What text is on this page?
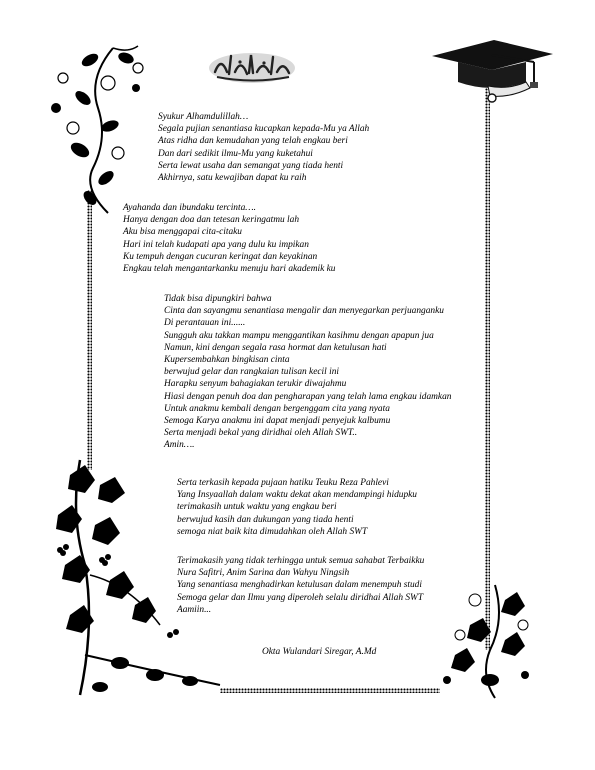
Syukur Alhamdulillah…
Segala pujian senantiasa kucapkan kepada-Mu ya Allah
Atas ridha dan kemudahan yang telah engkau beri
Dan dari sedikit ilmu-Mu yang kuketahui
Serta lewat usaha dan semangat yang tiada henti
Akhirnya, satu kewajiban dapat ku raih
Ayahanda dan ibundaku tercinta….
Hanya dengan doa dan tetesan keringatmu lah
Aku bisa menggapai cita-citaku
Hari ini telah kudapati apa yang dulu ku impikan
Ku tempuh dengan cucuran keringat dan keyakinan
Engkau telah mengantarkanku menuju hari akademik ku
Tidak bisa dipungkiri bahwa
Cinta dan sayangmu senantiasa mengalir dan menyegarkan perjuanganku
Di perantauan ini......
Sungguh aku takkan mampu menggantikan kasihmu dengan apapun jua
Namun, kini dengan segala rasa hormat dan ketulusan hati
Kupersembahkan bingkisan cinta
berwujud gelar dan rangkaian tulisan kecil ini
Harapku senyum bahagiakan terukir diwajahmu
Hiasi dengan penuh doa dan pengharapan yang telah lama engkau idamkan
Untuk anakmu kembali dengan bergenggam cita yang nyata
Semoga Karya anakmu ini dapat menjadi penyejuk kalbumu
Serta menjadi bekal yang diridhai oleh Allah SWT..
Amin….
Serta terkasih kepada pujaan hatiku Teuku Reza Pahlevi
Yang Insyaallah dalam waktu dekat akan mendampingi hidupku
terimakasih untuk waktu yang engkau beri
berwujud kasih dan dukungan yang tiada henti
semoga niat baik kita dimudahkan oleh Allah SWT
Terimakasih yang tidak terhingga untuk semua sahabat Terbaikku
Nura Safitri, Anim Sarina dan Wahyu Ningsih
Yang senantiasa menghadirkan ketulusan dalam menempuh studi
Semoga gelar dan Ilmu yang diperoleh selalu diridhai Allah SWT
Aamiin...
Okta Wulandari Siregar, A.Md
